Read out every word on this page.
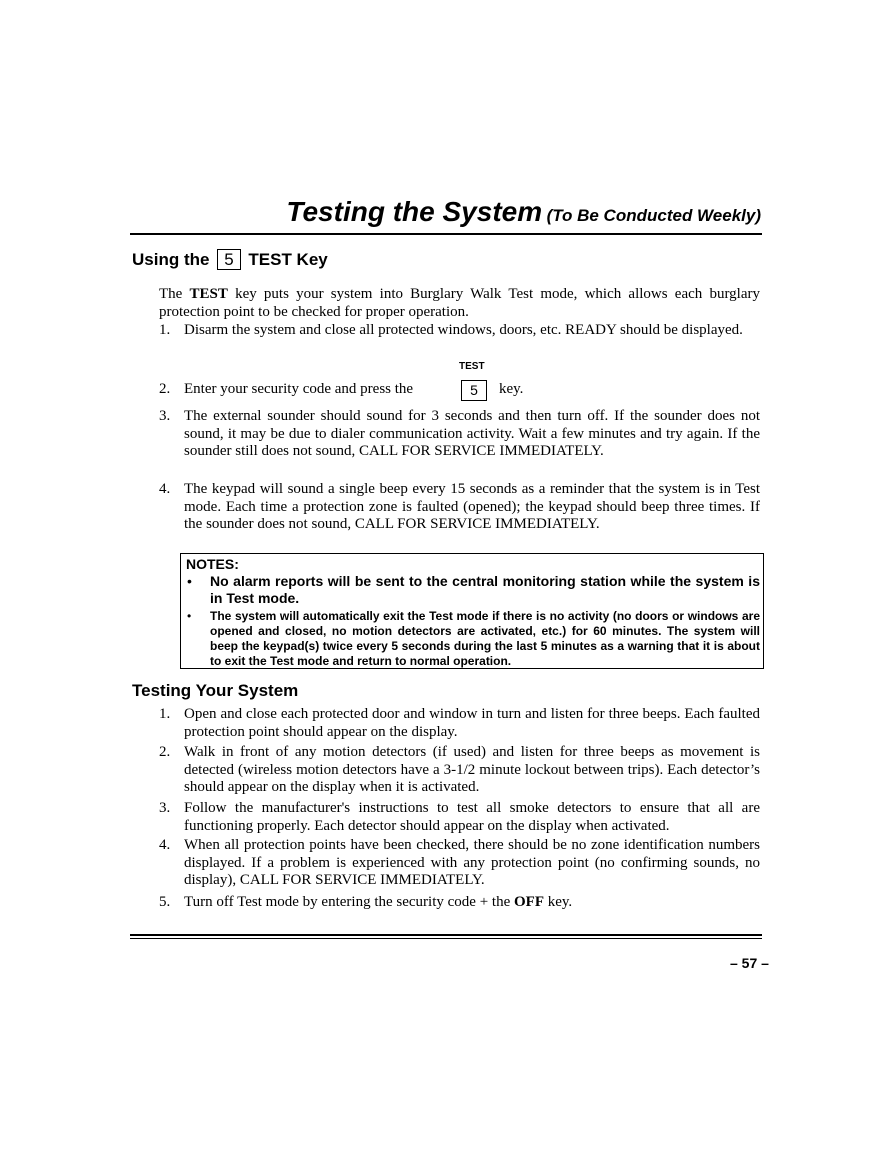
Testing the System (To Be Conducted Weekly)
Using the 5 TEST Key
The TEST key puts your system into Burglary Walk Test mode, which allows each burglary protection point to be checked for proper operation.
1. Disarm the system and close all protected windows, doors, etc. READY should be displayed.
TEST
2. Enter your security code and press the	5	key.
3. The external sounder should sound for 3 seconds and then turn off. If the sounder does not sound, it may be due to dialer communication activity. Wait a few minutes and try again. If the sounder still does not sound, CALL FOR SERVICE IMMEDIATELY.
4. The keypad will sound a single beep every 15 seconds as a reminder that the system is in Test mode. Each time a protection zone is faulted (opened); the keypad should beep three times. If the sounder does not sound, CALL FOR SERVICE IMMEDIATELY.
NOTES:
• No alarm reports will be sent to the central monitoring station while the system is in Test mode.
• The system will automatically exit the Test mode if there is no activity (no doors or windows are opened and closed, no motion detectors are activated, etc.) for 60 minutes. The system will beep the keypad(s) twice every 5 seconds during the last 5 minutes as a warning that it is about to exit the Test mode and return to normal operation.
Testing Your System
1. Open and close each protected door and window in turn and listen for three beeps. Each faulted protection point should appear on the display.
2. Walk in front of any motion detectors (if used) and listen for three beeps as movement is detected (wireless motion detectors have a 3-1/2 minute lockout between trips). Each detector’s should appear on the display when it is activated.
3. Follow the manufacturer's instructions to test all smoke detectors to ensure that all are functioning properly. Each detector should appear on the display when activated.
4. When all protection points have been checked, there should be no zone identification numbers displayed. If a problem is experienced with any protection point (no confirming sounds, no display), CALL FOR SERVICE IMMEDIATELY.
5. Turn off Test mode by entering the security code + the OFF key.
– 57 –
